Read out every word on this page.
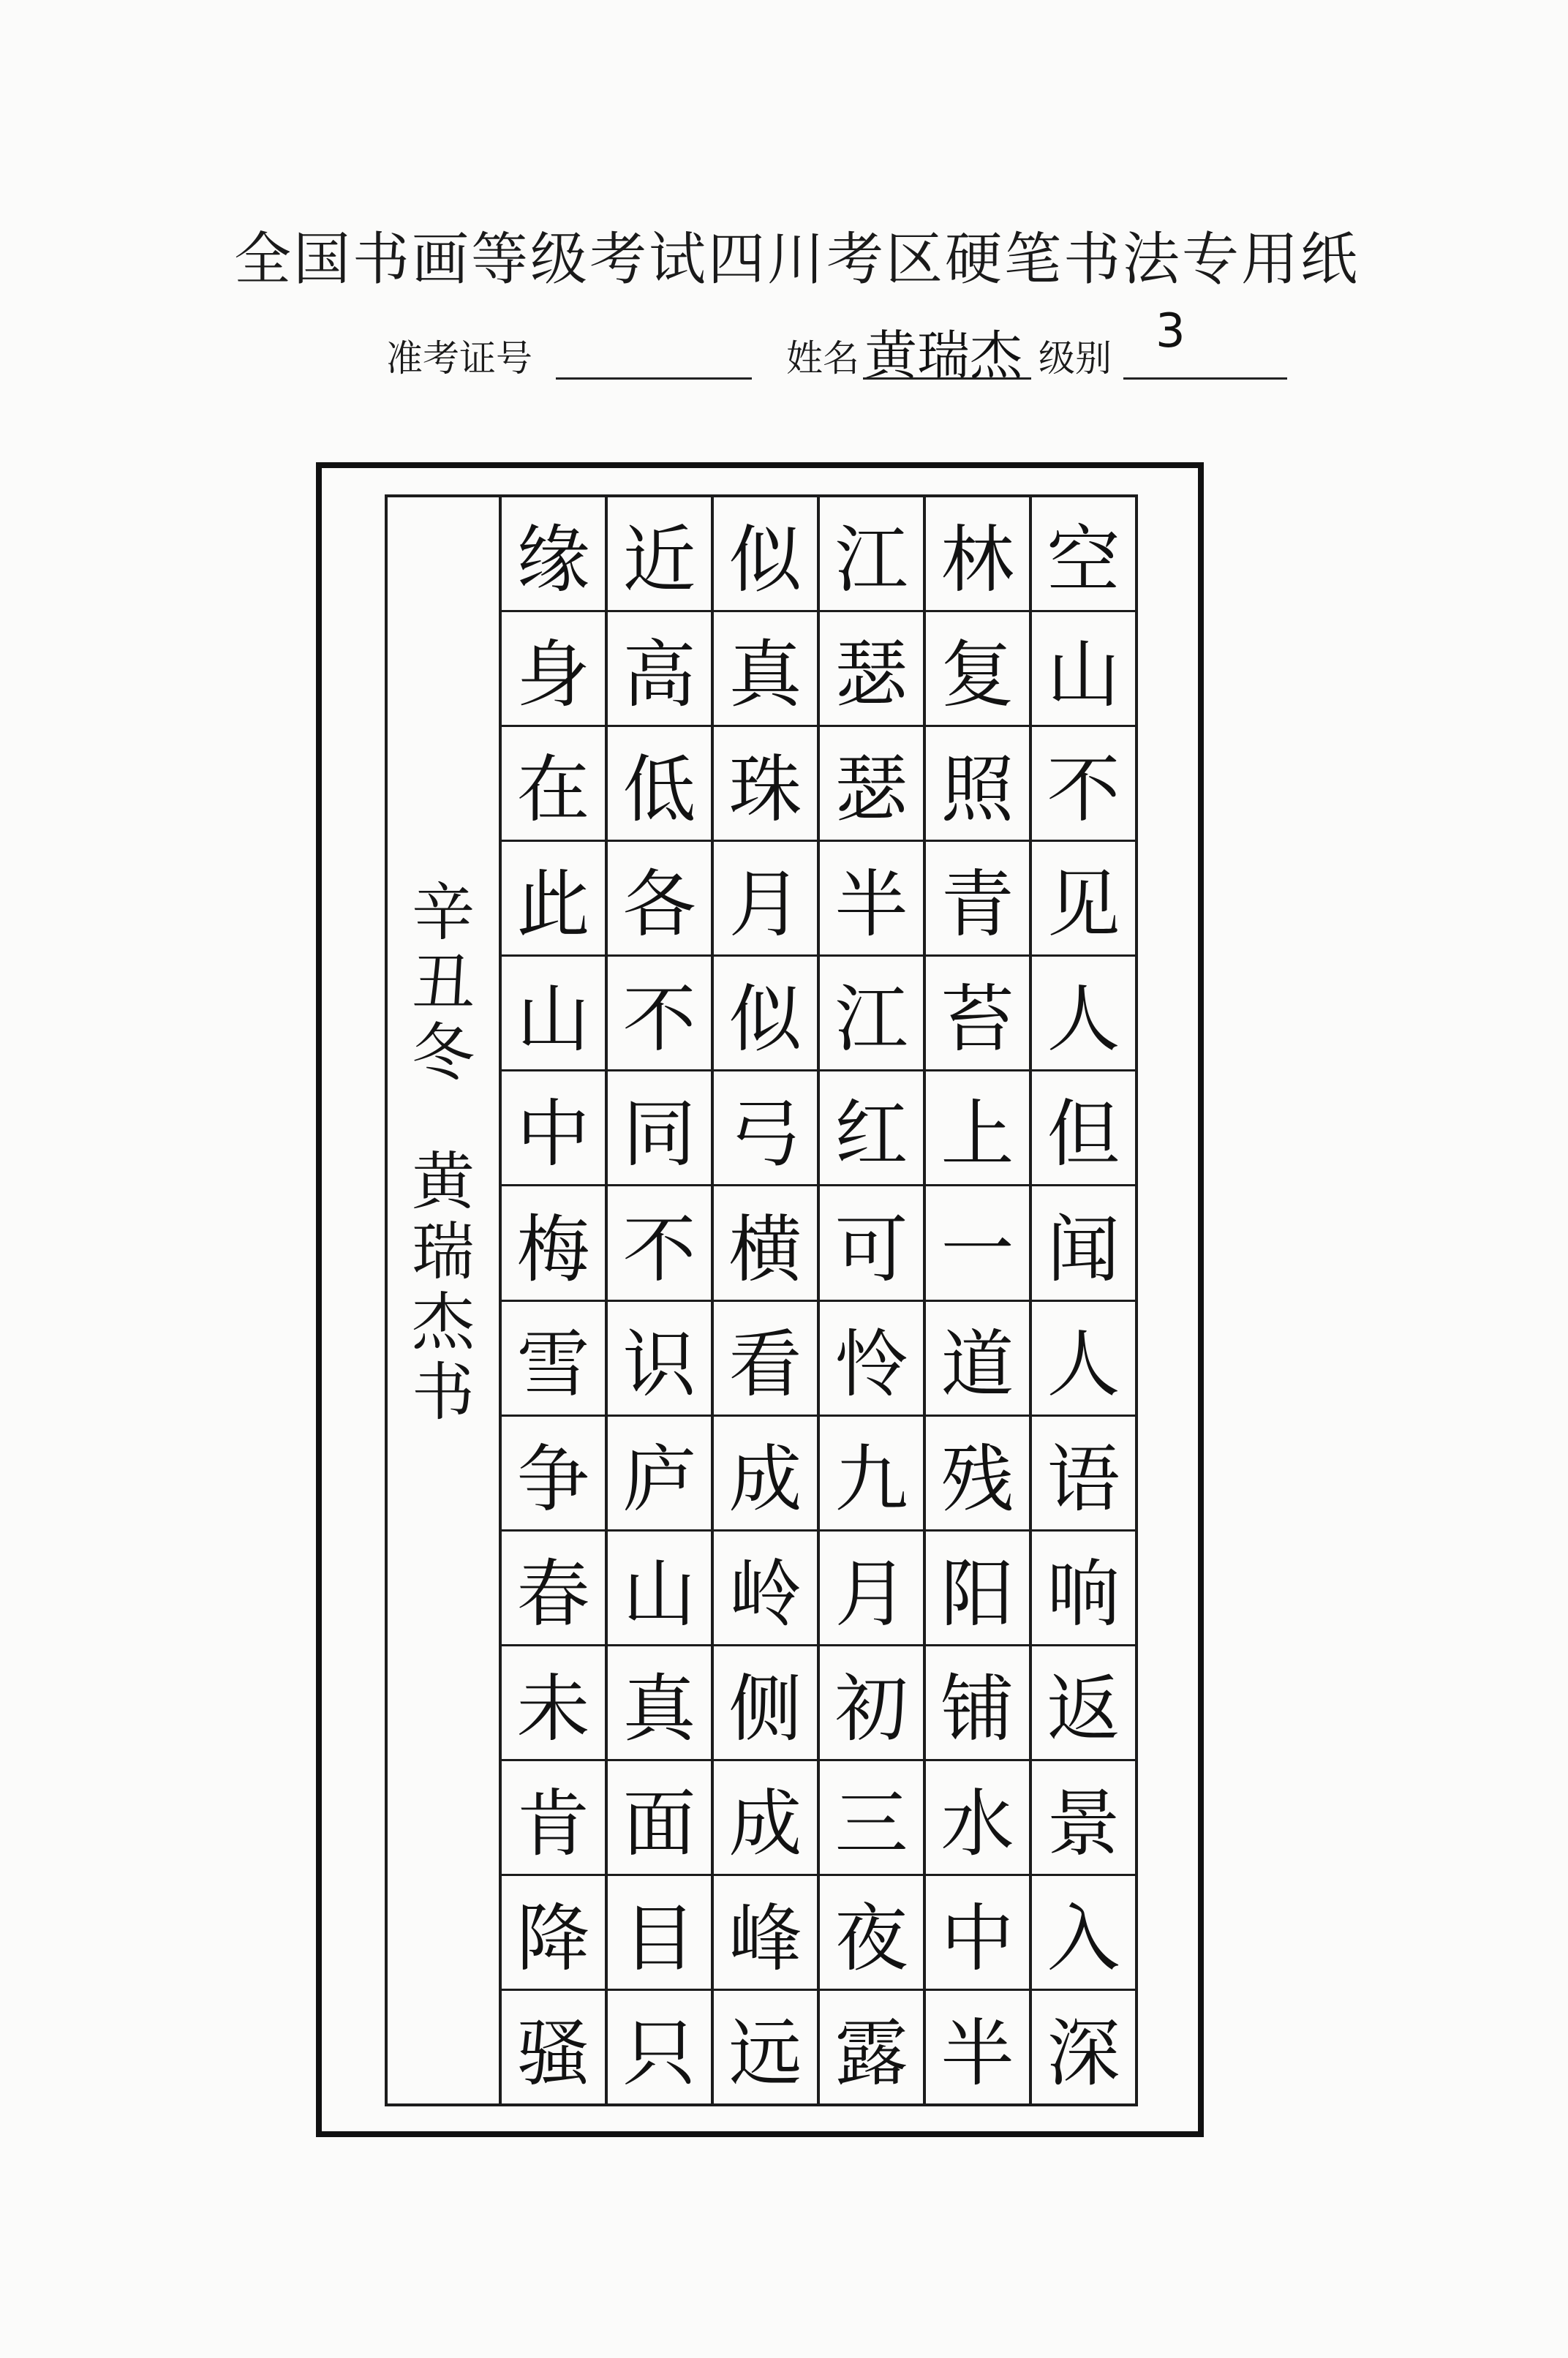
全国书画等级考试四川考区硬笔书法专用纸
准考证号	姓名 黄瑞杰 级别 3
辛
丑
冬
黄
瑞
杰
书
缘
身
在
此
山
中
梅
雪
争
春
未
肯
降
骚
近
高
低
各
不
同
不
识
庐
山
真
面
目
只
似
真
珠
月
似
弓
横
看
成
岭
侧
成
峰
远
江
瑟
瑟
半
江
红
可
怜
九
月
初
三
夜
露
林
复
照
青
苔
上
一
道
残
阳
铺
水
中
半
空
山
不
见
人
但
闻
人
语
响
返
景
入
深
